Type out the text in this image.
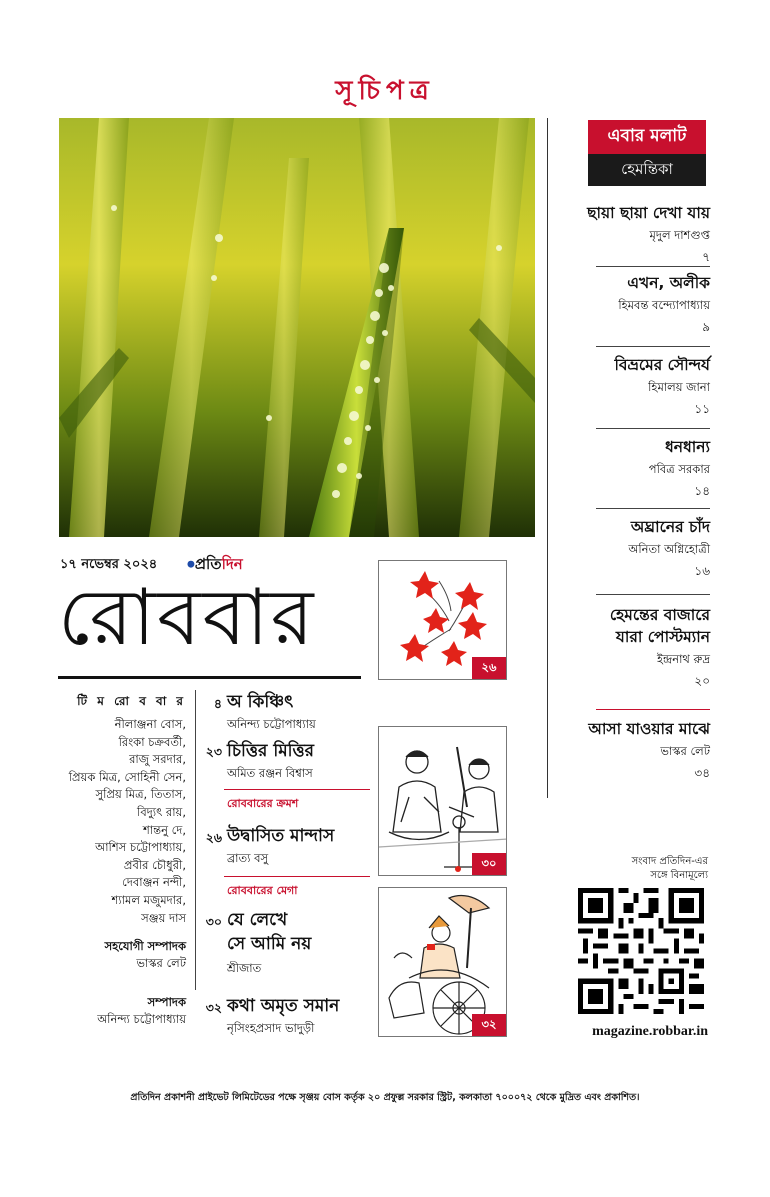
সূচিপত্র
এবার মলাট
হেমন্তিকা
ছায়া ছায়া দেখা যায়
মৃদুল দাশগুপ্ত
৭
এখন, অলীক
হিমবন্ত বন্দ্যোপাধ্যায়
৯
বিভ্রমের সৌন্দর্য
হিমালয় জানা
১১
ধনধান্য
পবিত্র সরকার
১৪
অঘ্রানের চাঁদ
অনিতা অগ্নিহোত্রী
১৬
হেমন্তের বাজারে
যারা পোস্টম্যান
ইন্দ্রনাথ রুদ্র
২০
আসা যাওয়ার মাঝে
ভাস্কর লেট
৩৪
১৭ নভেম্বর ২০২৪	●প্রতিদিন
রোববার
টি ম রো ব বা র
নীলাঞ্জনা বোস,
রিংকা চক্রবর্তী,
রাজু সরদার,
প্রিয়ক মিত্র, সোহিনী সেন,
সুপ্রিয় মিত্র, তিতাস,
বিদ্যুৎ রায়,
শান্তনু দে,
আশিস চট্টোপাধ্যায়,
প্রবীর চৌধুরী,
দেবাঞ্জন নন্দী,
শ্যামল মজুমদার,
সঞ্জয় দাস
সহযোগী সম্পাদক
ভাস্কর লেট
সম্পাদক
অনিন্দ্য চট্টোপাধ্যায়
৪ অ কিঞ্চিৎ
অনিন্দ্য চট্টোপাধ্যায়
২৩ চিত্তির মিত্তির
অমিত রঞ্জন বিশ্বাস
রোববারের ক্রমশ
২৬ উদ্বাসিত মান্দাস
ব্রাত্য বসু
রোববারের মেগা
৩০ যে লেখে
সে আমি নয়
শ্রীজাত
৩২ কথা অমৃত সমান
নৃসিংহপ্রসাদ ভাদুড়ী
২৬
৩০
৩২
সংবাদ প্রতিদিন-এর
সঙ্গে বিনামূল্যে
magazine.robbar.in
প্রতিদিন প্রকাশনী প্রাইভেট লিমিটেডের পক্ষে সৃঞ্জয় বোস কর্তৃক ২০ প্রফুল্ল সরকার স্ট্রিট, কলকাতা ৭০০০৭২ থেকে মুদ্রিত এবং প্রকাশিত।
